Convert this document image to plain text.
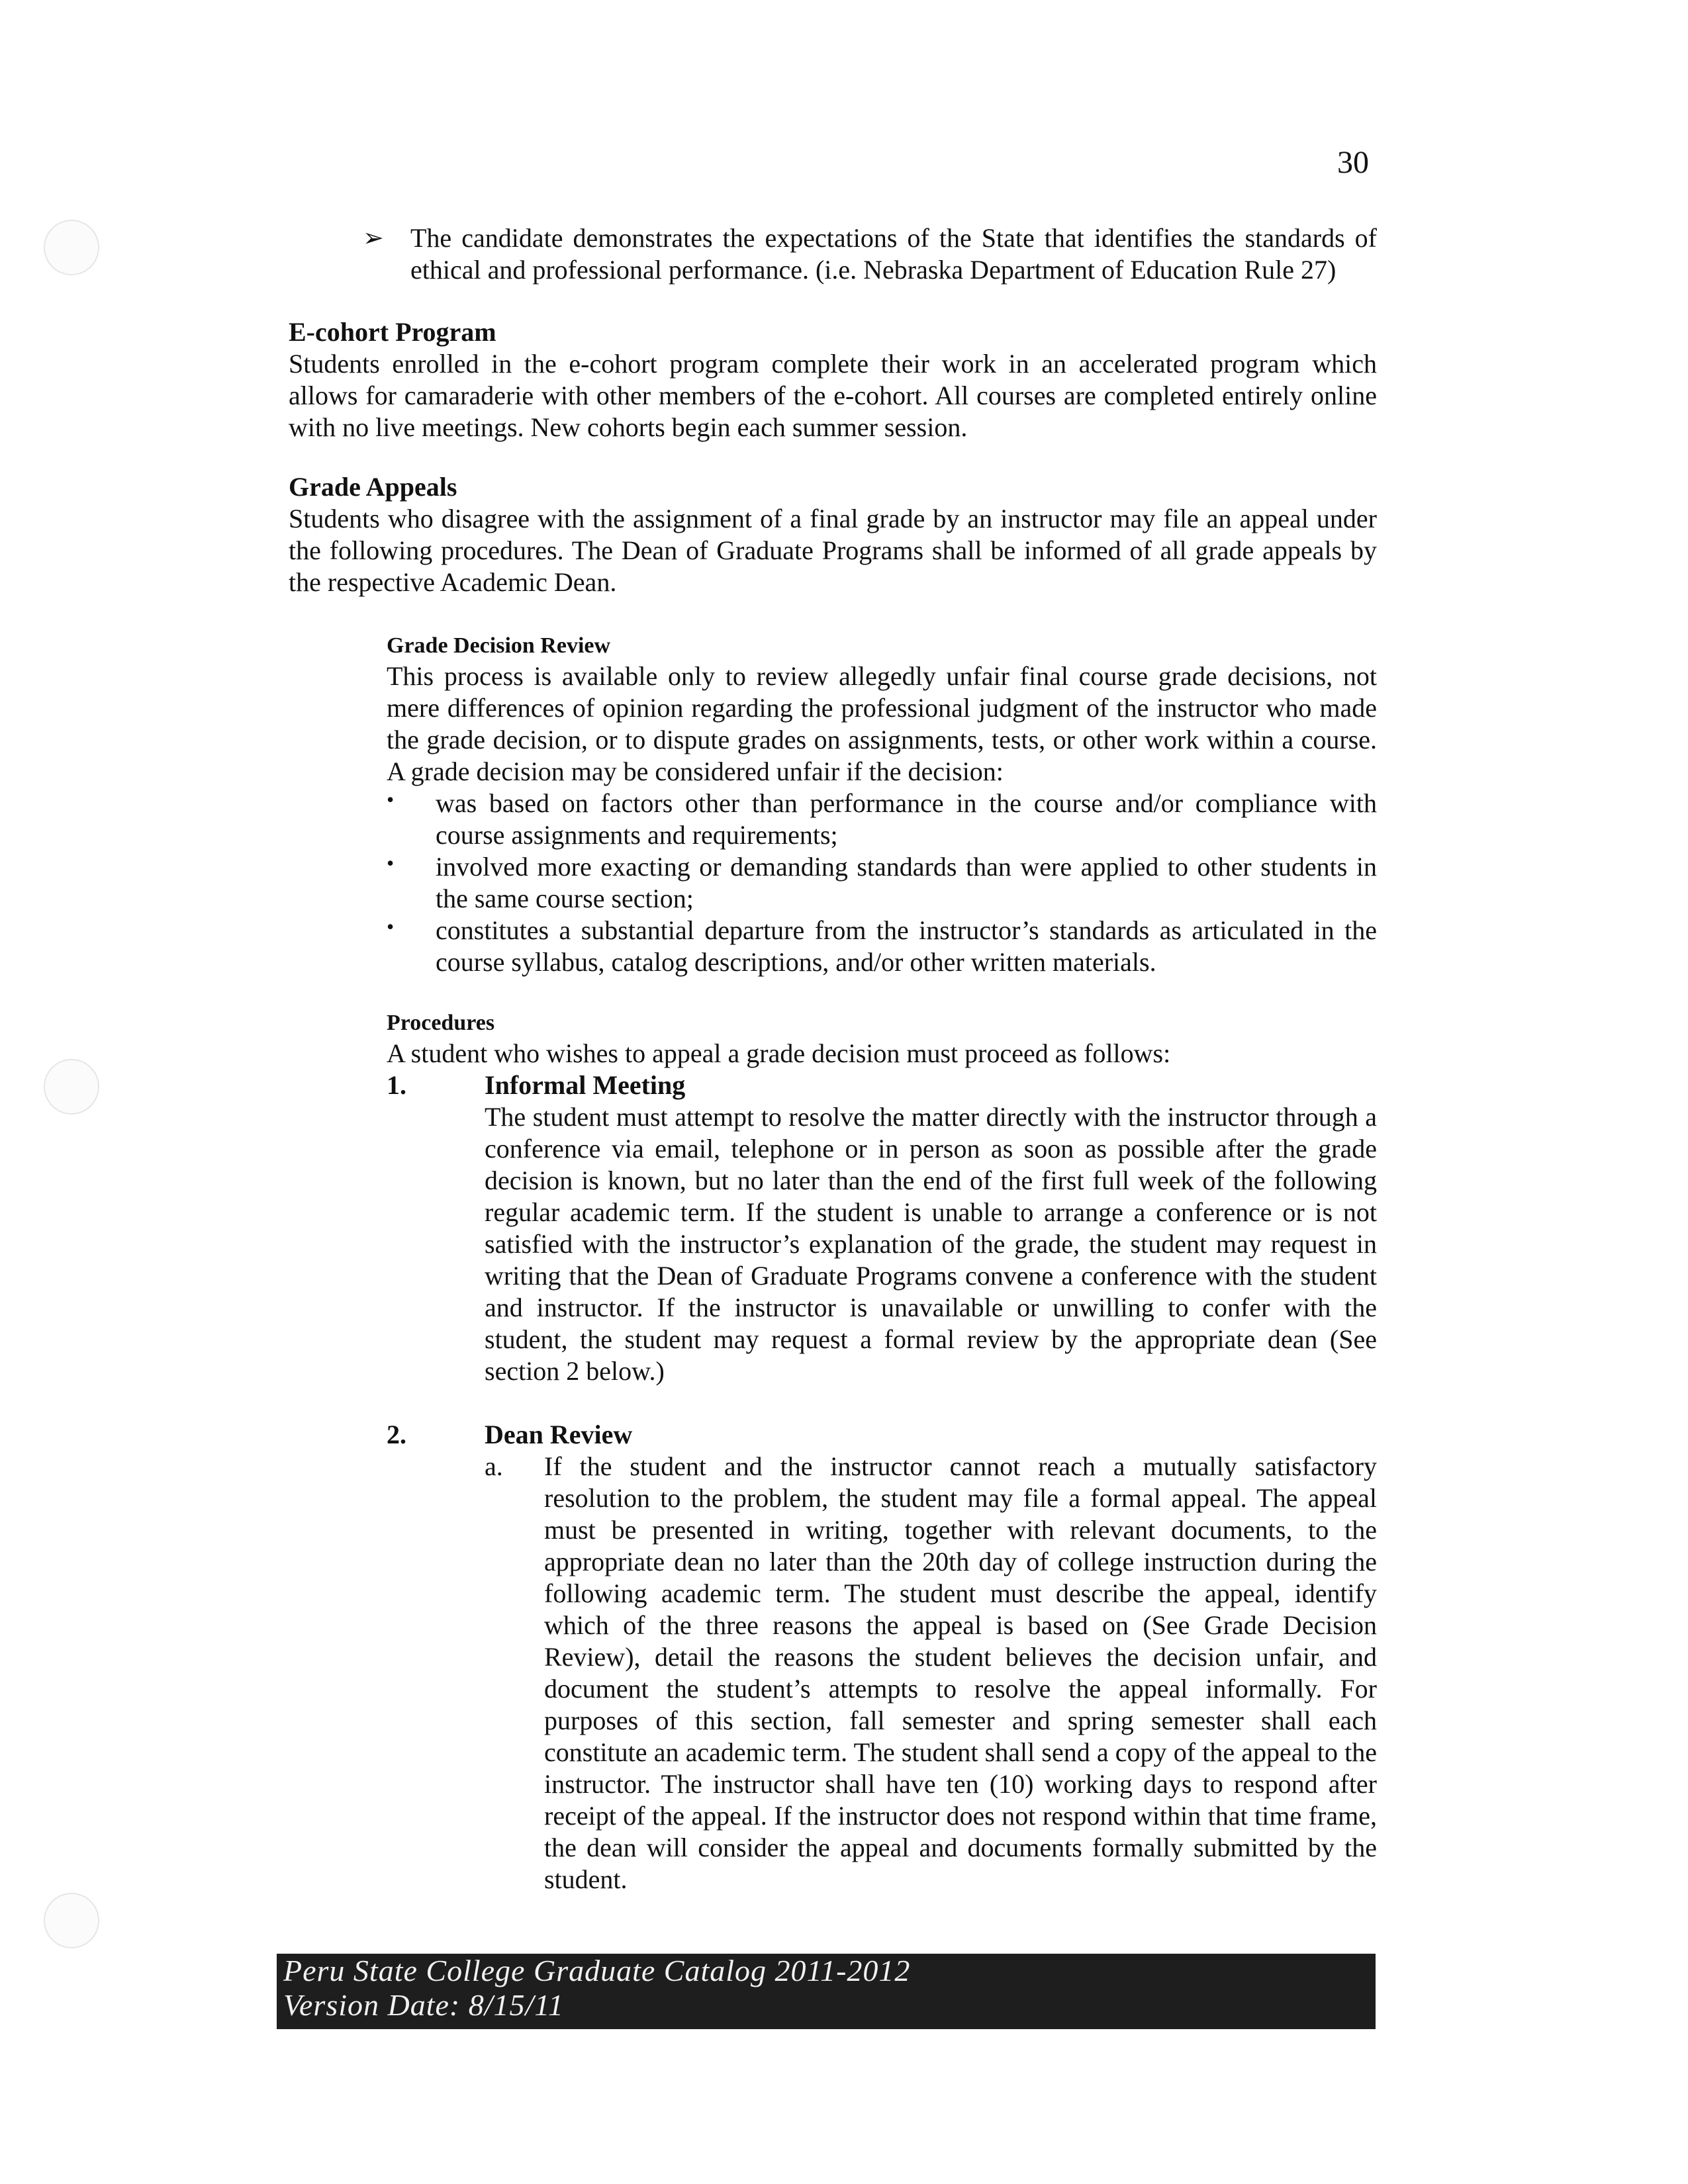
30
➢ The candidate demonstrates the expectations of the State that identifies the standards of ethical and professional performance. (i.e. Nebraska Department of Education Rule 27)

E-cohort Program

Students enrolled in the e-cohort program complete their work in an accelerated program which allows for camaraderie with other members of the e-cohort. All courses are completed entirely online with no live meetings. New cohorts begin each summer session.

Grade Appeals

Students who disagree with the assignment of a final grade by an instructor may file an appeal under the following procedures. The Dean of Graduate Programs shall be informed of all grade appeals by the respective Academic Dean.

Grade Decision Review

This process is available only to review allegedly unfair final course grade decisions, not mere differences of opinion regarding the professional judgment of the instructor who made the grade decision, or to dispute grades on assignments, tests, or other work within a course. A grade decision may be considered unfair if the decision:

• was based on factors other than performance in the course and/or compliance with course assignments and requirements;

• involved more exacting or demanding standards than were applied to other students in the same course section;

• constitutes a substantial departure from the instructor’s standards as articulated in the course syllabus, catalog descriptions, and/or other written materials.

Procedures

A student who wishes to appeal a grade decision must proceed as follows:

1.	Informal Meeting

The student must attempt to resolve the matter directly with the instructor through a conference via email, telephone or in person as soon as possible after the grade decision is known, but no later than the end of the first full week of the following regular academic term. If the student is unable to arrange a conference or is not satisfied with the instructor’s explanation of the grade, the student may request in writing that the Dean of Graduate Programs convene a conference with the student and instructor. If the instructor is unavailable or unwilling to confer with the student, the student may request a formal review by the appropriate dean (See section 2 below.)

2.	Dean Review
a. If the student and the instructor cannot reach a mutually satisfactory resolution to the problem, the student may file a formal appeal. The appeal must be presented in writing, together with relevant documents, to the appropriate dean no later than the 20th day of college instruction during the following academic term. The student must describe the appeal, identify which of the three reasons the appeal is based on (See Grade Decision Review), detail the reasons the student believes the decision unfair, and document the student’s attempts to resolve the appeal informally. For purposes of this section, fall semester and spring semester shall each constitute an academic term. The student shall send a copy of the appeal to the instructor. The instructor shall have ten (10) working days to respond after receipt of the appeal. If the instructor does not respond within that time frame, the dean will consider the appeal and documents formally submitted by the student.

Peru State College Graduate Catalog 2011-2012
Version Date: 8/15/11
